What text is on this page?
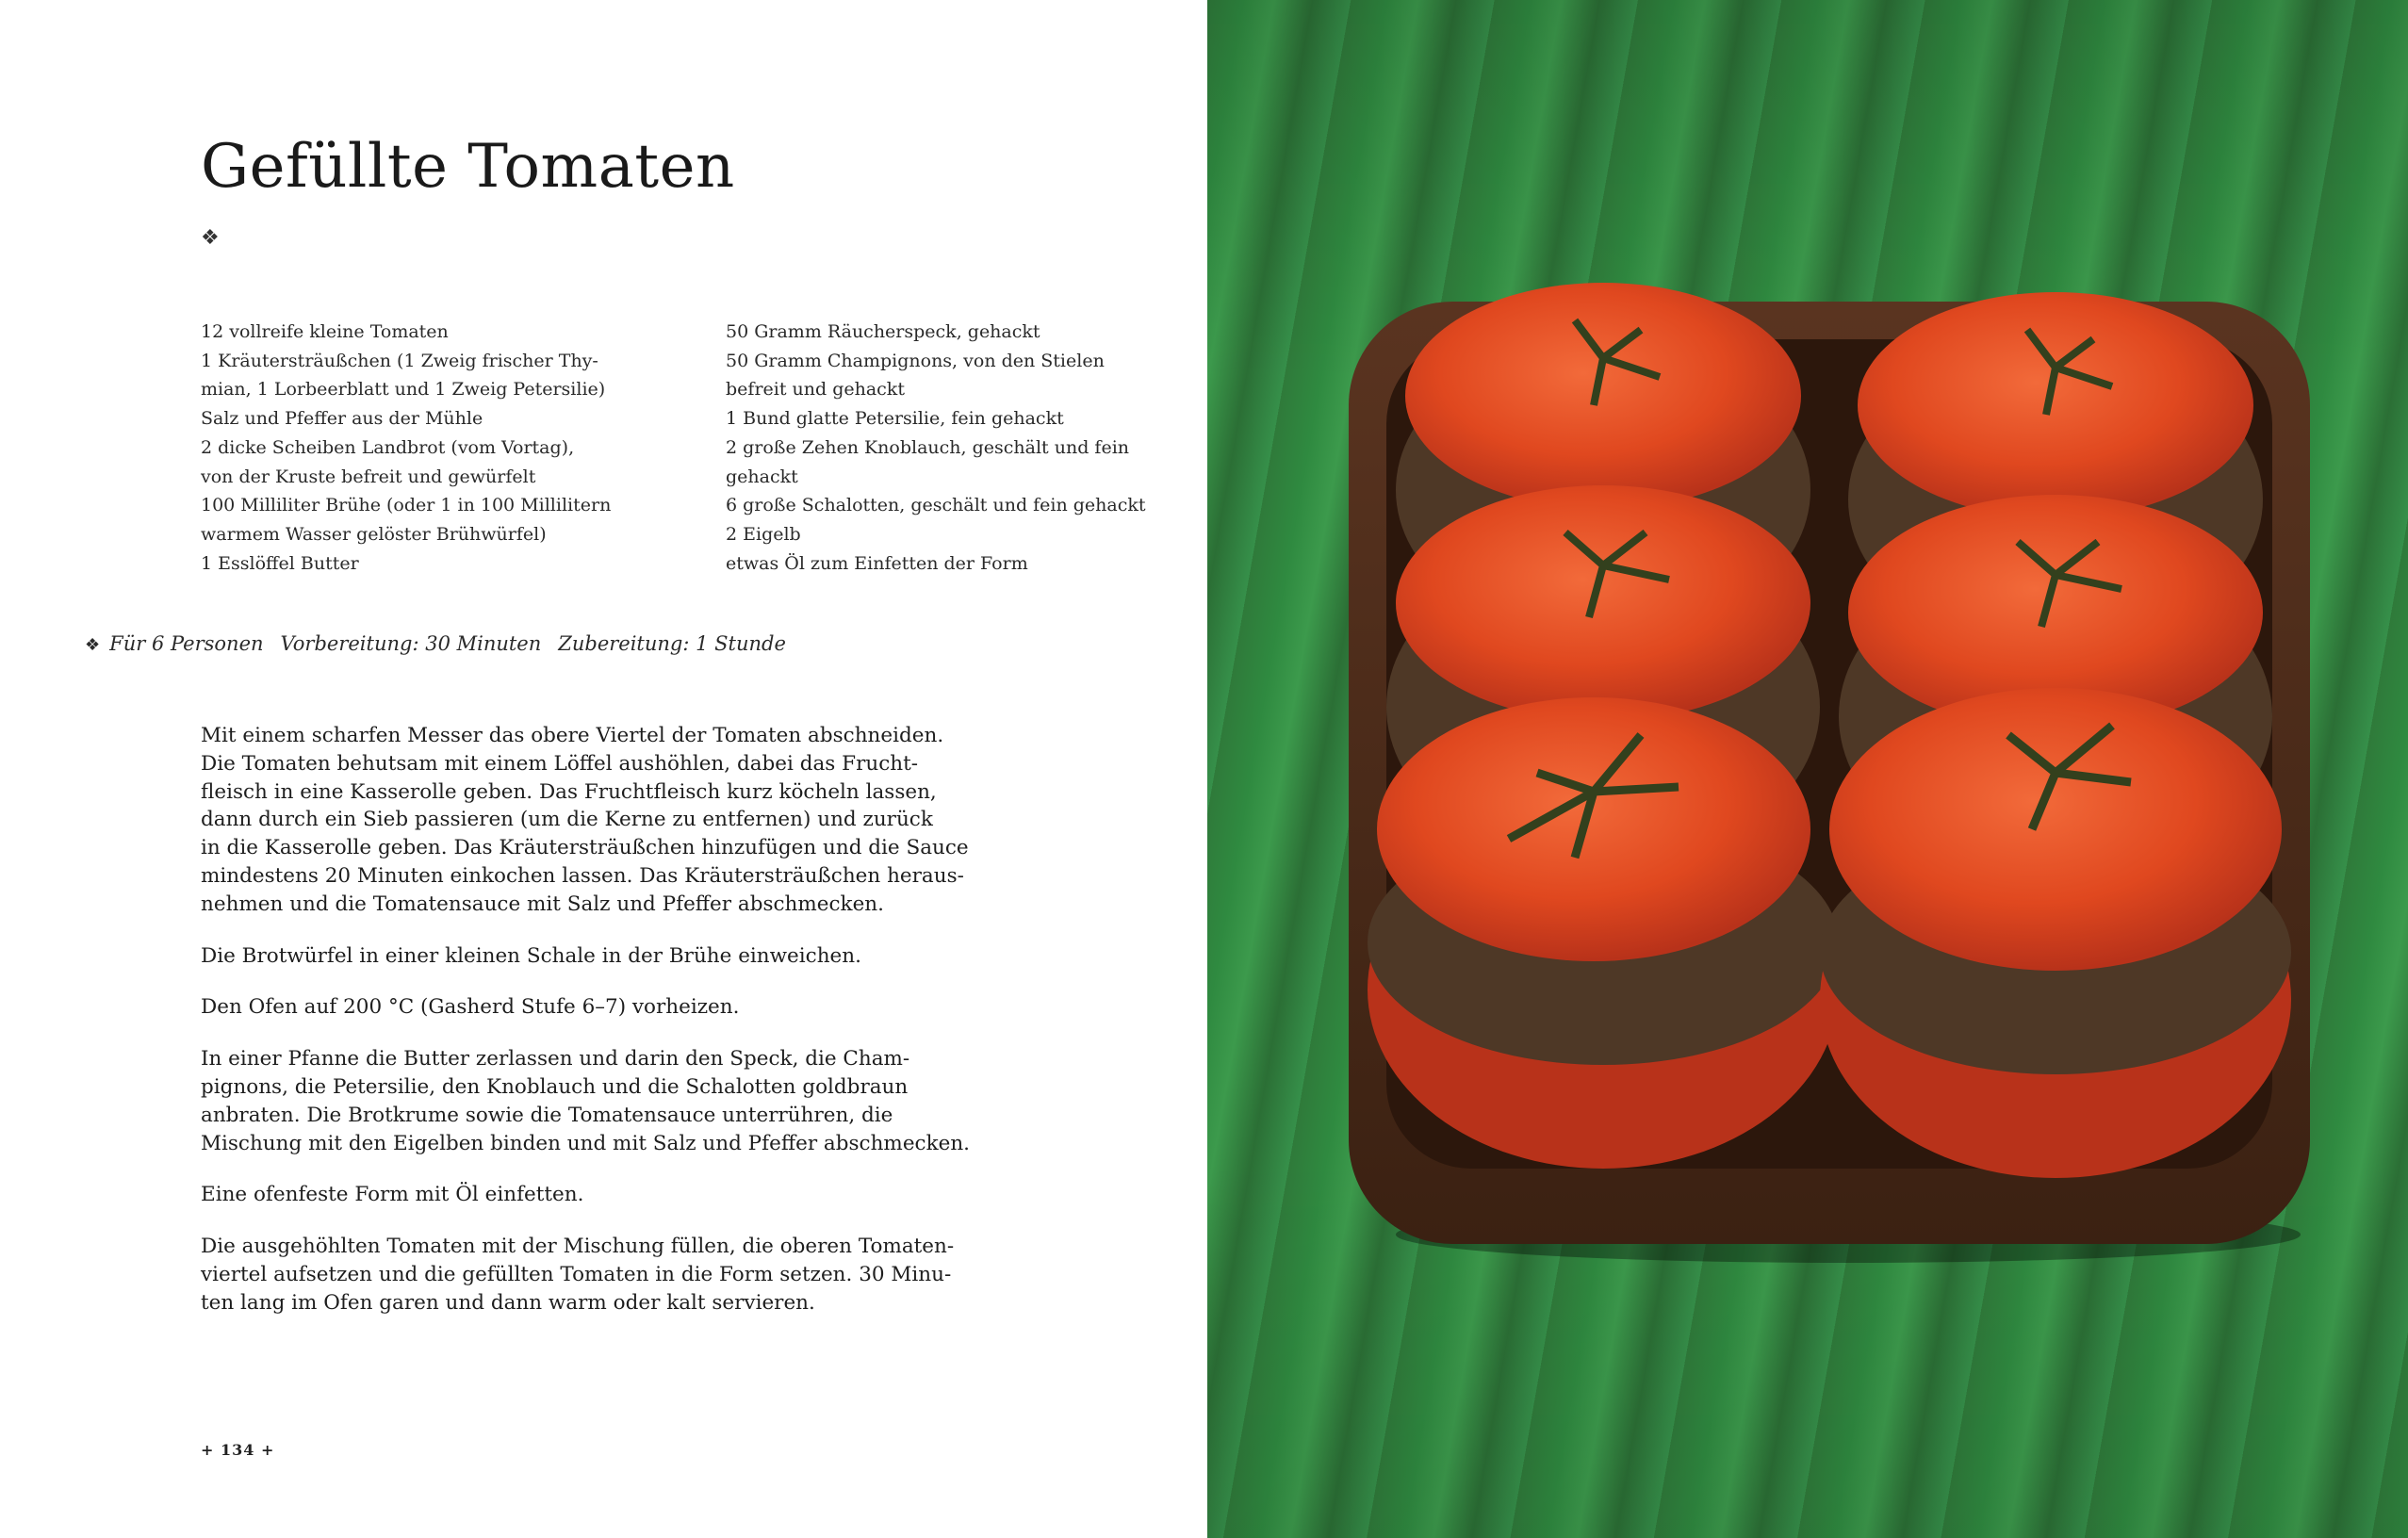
Gefüllte Tomaten
❖
12 vollreife kleine Tomaten
1 Kräutersträußchen (1 Zweig frischer Thy-
mian, 1 Lorbeerblatt und 1 Zweig Petersilie)
Salz und Pfeffer aus der Mühle
2 dicke Scheiben Landbrot (vom Vortag),
von der Kruste befreit und gewürfelt
100 Milliliter Brühe (oder 1 in 100 Millilitern
warmem Wasser gelöster Brühwürfel)
1 Esslöffel Butter
50 Gramm Räucherspeck, gehackt
50 Gramm Champignons, von den Stielen
befreit und gehackt
1 Bund glatte Petersilie, fein gehackt
2 große Zehen Knoblauch, geschält und fein
gehackt
6 große Schalotten, geschält und fein gehackt
2 Eigelb
etwas Öl zum Einfetten der Form
❖ Für 6 Personen Vorbereitung: 30 Minuten Zubereitung: 1 Stunde

Mit einem scharfen Messer das obere Viertel der Tomaten abschneiden.
Die Tomaten behutsam mit einem Löffel aushöhlen, dabei das Frucht-
fleisch in eine Kasserolle geben. Das Fruchtfleisch kurz köcheln lassen,
dann durch ein Sieb passieren (um die Kerne zu entfernen) und zurück
in die Kasserolle geben. Das Kräutersträußchen hinzufügen und die Sauce
mindestens 20 Minuten einkochen lassen. Das Kräutersträußchen heraus-
nehmen und die Tomatensauce mit Salz und Pfeffer abschmecken.

Die Brotwürfel in einer kleinen Schale in der Brühe einweichen.

Den Ofen auf 200 °C (Gasherd Stufe 6–7) vorheizen.

In einer Pfanne die Butter zerlassen und darin den Speck, die Cham-
pignons, die Petersilie, den Knoblauch und die Schalotten goldbraun
anbraten. Die Brotkrume sowie die Tomatensauce unterrühren, die
Mischung mit den Eigelben binden und mit Salz und Pfeffer abschmecken.

Eine ofenfeste Form mit Öl einfetten.

Die ausgehöhlten Tomaten mit der Mischung füllen, die oberen Tomaten-
viertel aufsetzen und die gefüllten Tomaten in die Form setzen. 30 Minu-
ten lang im Ofen garen und dann warm oder kalt servieren.

+ 134 +
